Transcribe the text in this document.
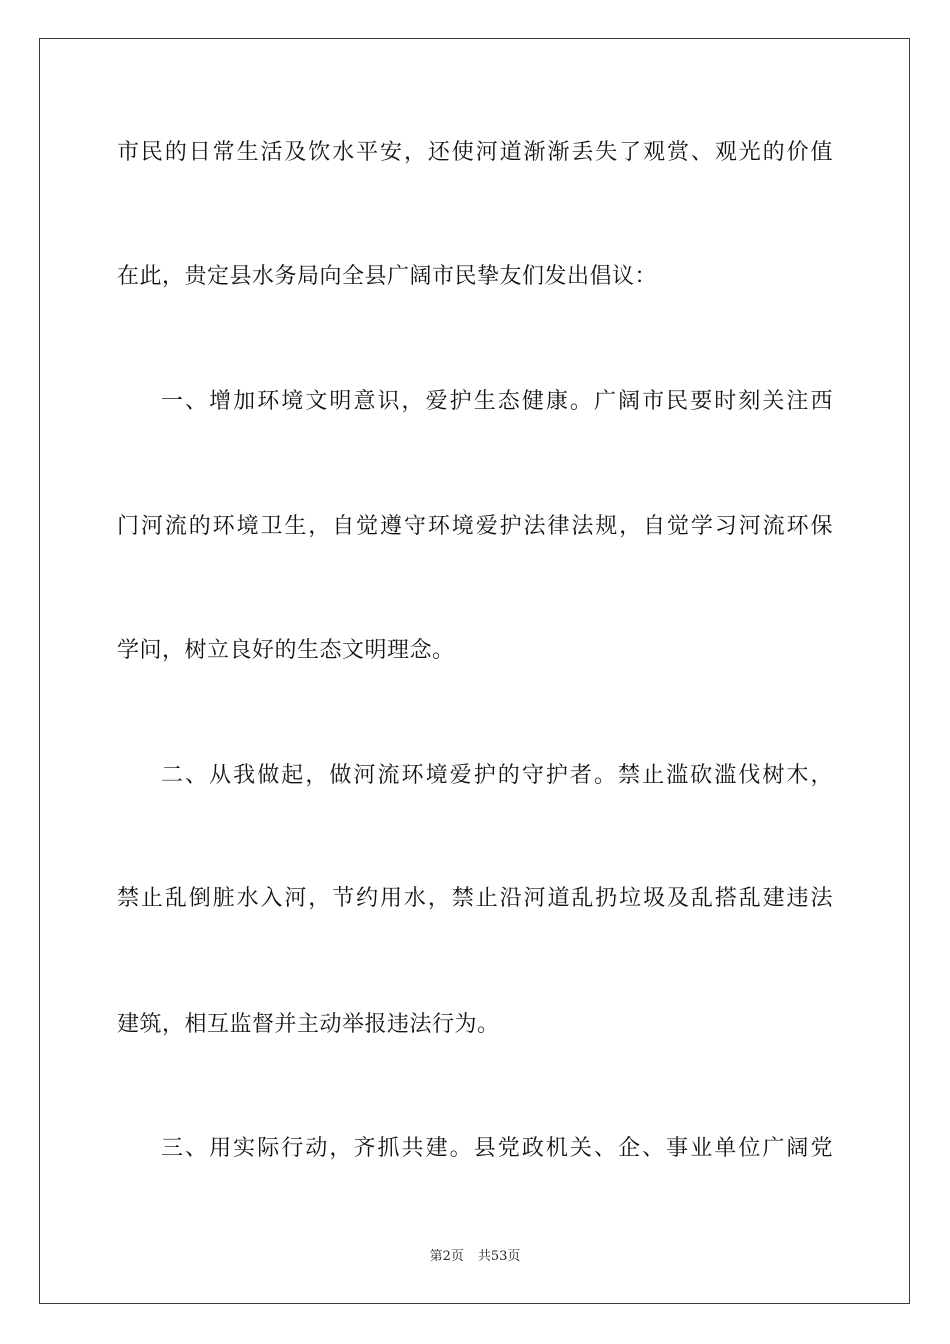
市民的日常生活及饮水平安，还使河道渐渐丢失了观赏、观光的价值
在此，贵定县水务局向全县广阔市民挚友们发出倡议：
一、增加环境文明意识，爱护生态健康。广阔市民要时刻关注西
门河流的环境卫生，自觉遵守环境爱护法律法规，自觉学习河流环保
学问，树立良好的生态文明理念。
二、从我做起，做河流环境爱护的守护者。禁止滥砍滥伐树木，
禁止乱倒脏水入河，节约用水，禁止沿河道乱扔垃圾及乱搭乱建违法
建筑，相互监督并主动举报违法行为。
三、用实际行动，齐抓共建。县党政机关、企、事业单位广阔党
第2页 共53页
